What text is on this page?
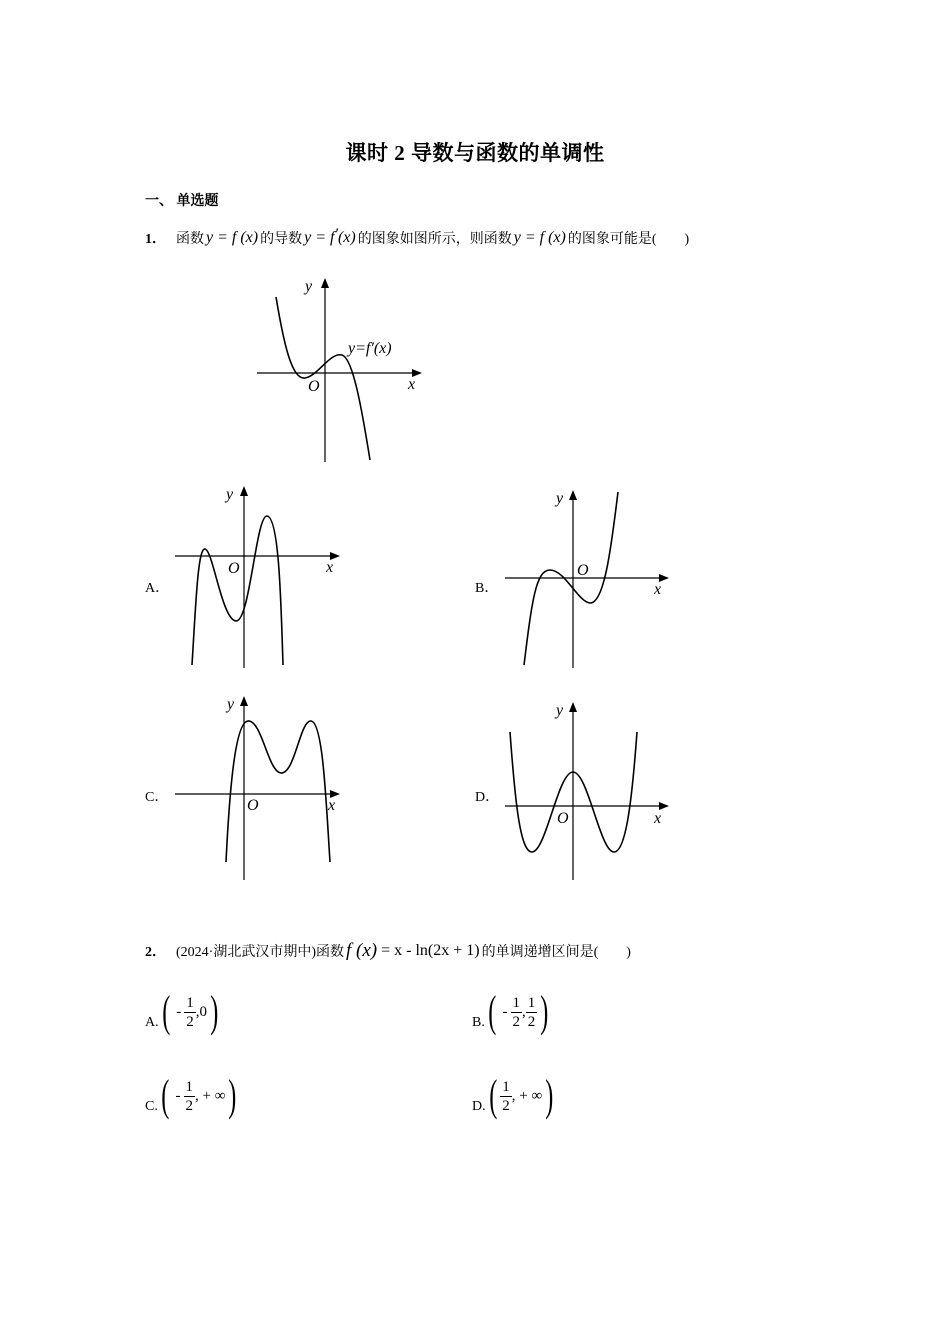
课时 2 导数与函数的单调性
一、 单选题
1． 函数 y = f (x) 的导数 y = f′(x) 的图象如图所示，则函数 y = f (x) 的图象可能是(　　)
y
x
O
y=f′(x)
y
x
O
y
x
O
y
x
O
y
x
O
A．	B．
C．	D．
2． (2024·湖北武汉市期中)函数 f (x) = x - ln(2x + 1) 的单调递增区间是(　　)
A. ( - $\frac{1}{2} ,0$ )	B. ( - $\frac{1}{2}$ , $\frac{1}{2}$ )
C. ( - $\frac{1}{2}$ , + ∞ )	D. ( $\frac{1}{2}$ , + ∞ )
